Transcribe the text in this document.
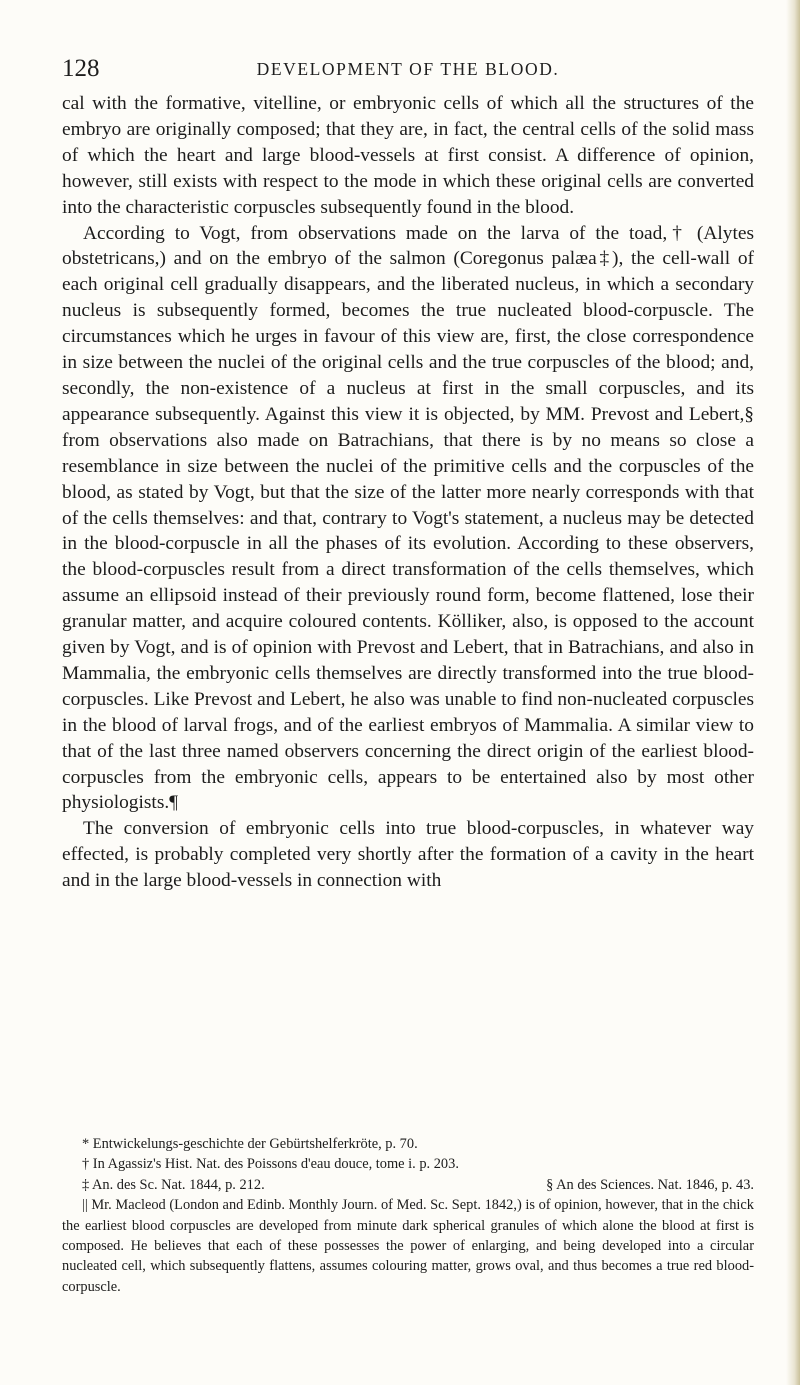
128	DEVELOPMENT OF THE BLOOD.

cal with the formative, vitelline, or embryonic cells of which all the structures of the embryo are originally composed; that they are, in fact, the central cells of the solid mass of which the heart and large blood-vessels at first consist. A difference of opinion, however, still exists with respect to the mode in which these original cells are converted into the characteristic corpuscles subsequently found in the blood.

According to Vogt, from observations made on the larva of the toad,† (Alytes obstetricans,) and on the embryo of the salmon (Coregonus palæa‡), the cell-wall of each original cell gradually disappears, and the liberated nucleus, in which a secondary nucleus is subsequently formed, becomes the true nucleated blood-corpuscle. The circumstances which he urges in favour of this view are, first, the close correspondence in size between the nuclei of the original cells and the true corpuscles of the blood; and, secondly, the non-existence of a nucleus at first in the small corpuscles, and its appearance subsequently. Against this view it is objected, by MM. Prevost and Lebert,§ from observations also made on Batrachians, that there is by no means so close a resemblance in size between the nuclei of the primitive cells and the corpuscles of the blood, as stated by Vogt, but that the size of the latter more nearly corresponds with that of the cells themselves: and that, contrary to Vogt's statement, a nucleus may be detected in the blood-corpuscle in all the phases of its evolution. According to these observers, the blood-corpuscles result from a direct transformation of the cells themselves, which assume an ellipsoid instead of their previously round form, become flattened, lose their granular matter, and acquire coloured contents. Kölliker, also, is opposed to the account given by Vogt, and is of opinion with Prevost and Lebert, that in Batrachians, and also in Mammalia, the embryonic cells themselves are directly transformed into the true blood-corpuscles. Like Prevost and Lebert, he also was unable to find non-nucleated corpuscles in the blood of larval frogs, and of the earliest embryos of Mammalia. A similar view to that of the last three named observers concerning the direct origin of the earliest blood-corpuscles from the embryonic cells, appears to be entertained also by most other physiologists.¶

The conversion of embryonic cells into true blood-corpuscles, in whatever way effected, is probably completed very shortly after the formation of a cavity in the heart and in the large blood-vessels in connection with

* Entwickelungs-geschichte der Gebürtshelferkröte, p. 70.

† In Agassiz's Hist. Nat. des Poissons d'eau douce, tome i. p. 203.

‡ An. des Sc. Nat. 1844, p. 212.	§ An des Sciences. Nat. 1846, p. 43.

|| Mr. Macleod (London and Edinb. Monthly Journ. of Med. Sc. Sept. 1842,) is of opinion, however, that in the chick the earliest blood corpuscles are developed from minute dark spherical granules of which alone the blood at first is composed. He believes that each of these possesses the power of enlarging, and being developed into a circular nucleated cell, which subsequently flattens, assumes colouring matter, grows oval, and thus becomes a true red blood-corpuscle.
